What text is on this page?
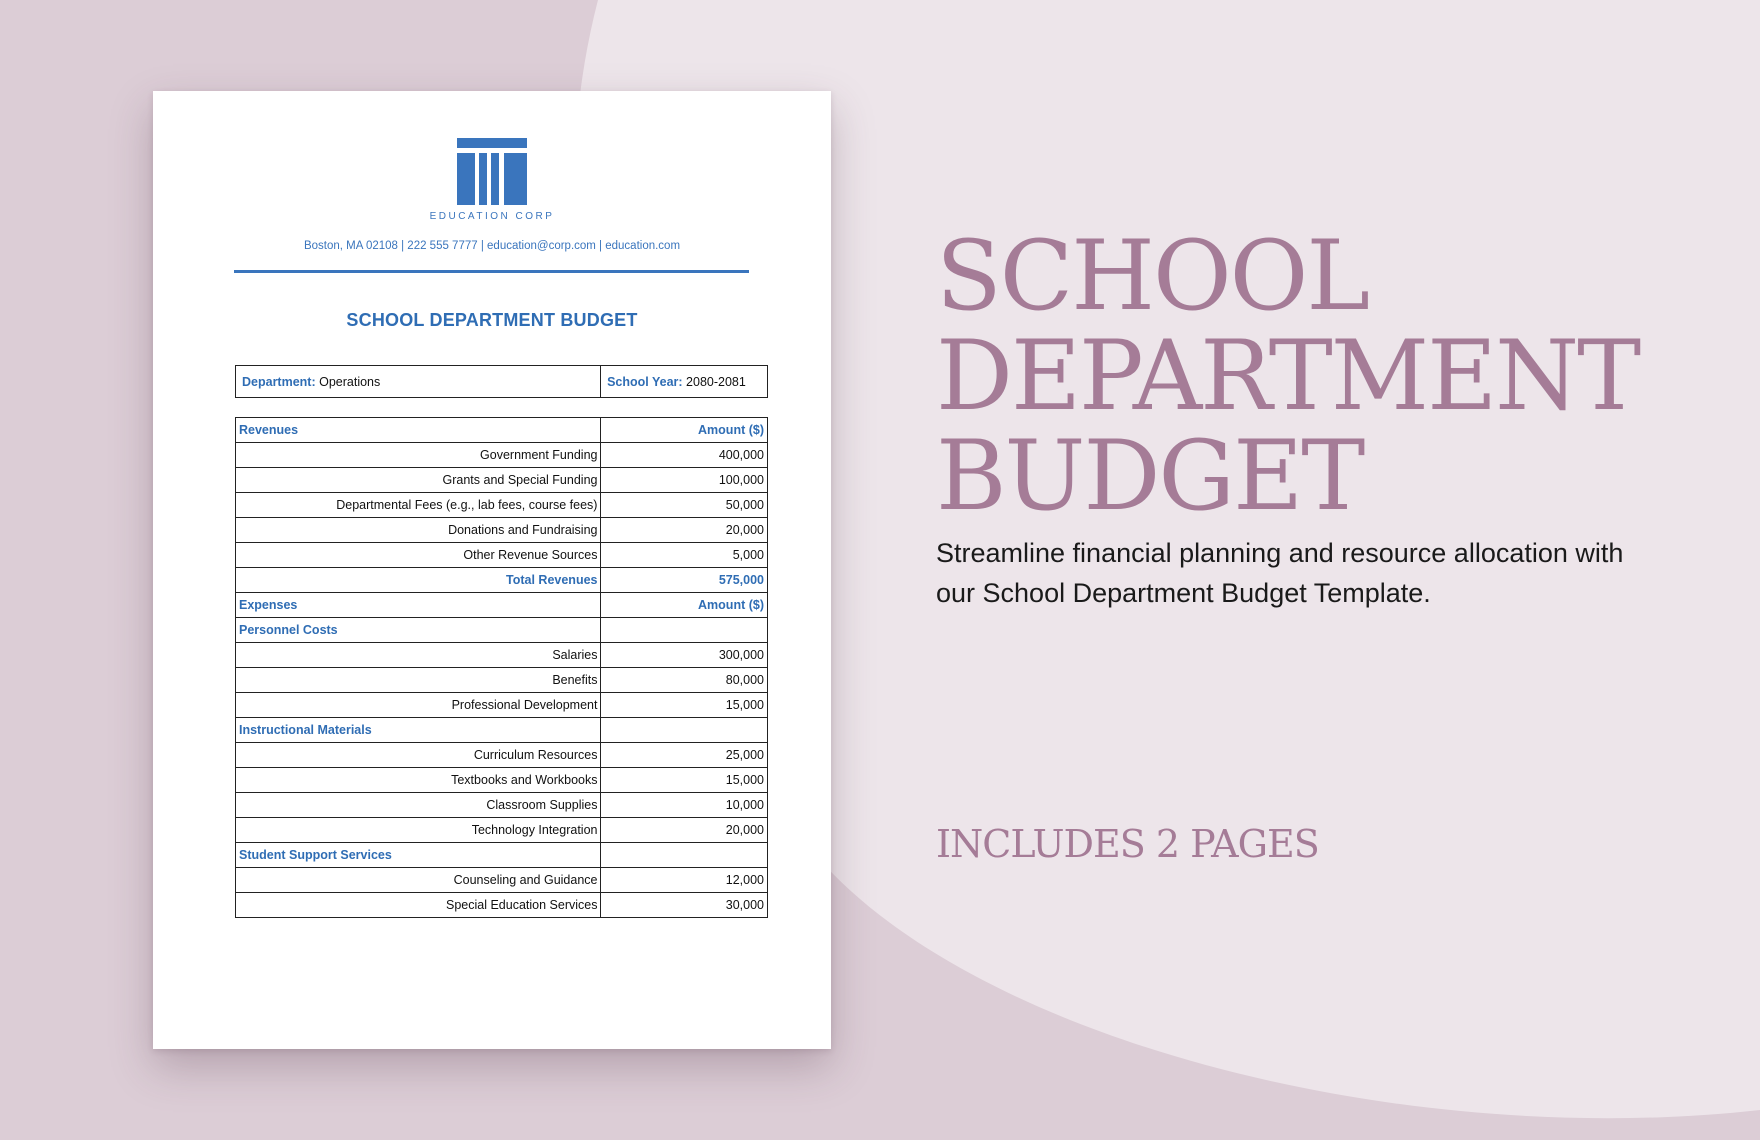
EDUCATION CORP
Boston, MA 02108 | 222 555 7777 | education@corp.com | education.com
SCHOOL DEPARTMENT BUDGET
Department: Operations	School Year: 2080-2081
Revenues	Amount ($)
Government Funding	400,000
Grants and Special Funding	100,000
Departmental Fees (e.g., lab fees, course fees)	50,000
Donations and Fundraising	20,000
Other Revenue Sources	5,000
Total Revenues	575,000
Expenses	Amount ($)
Personnel Costs	
Salaries	300,000
Benefits	80,000
Professional Development	15,000
Instructional Materials	
Curriculum Resources	25,000
Textbooks and Workbooks	15,000
Classroom Supplies	10,000
Technology Integration	20,000
Student Support Services	
Counseling and Guidance	12,000
Special Education Services	30,000
SCHOOL
DEPARTMENT
BUDGET
Streamline financial planning and resource allocation with our School Department Budget Template.
INCLUDES 2 PAGES
